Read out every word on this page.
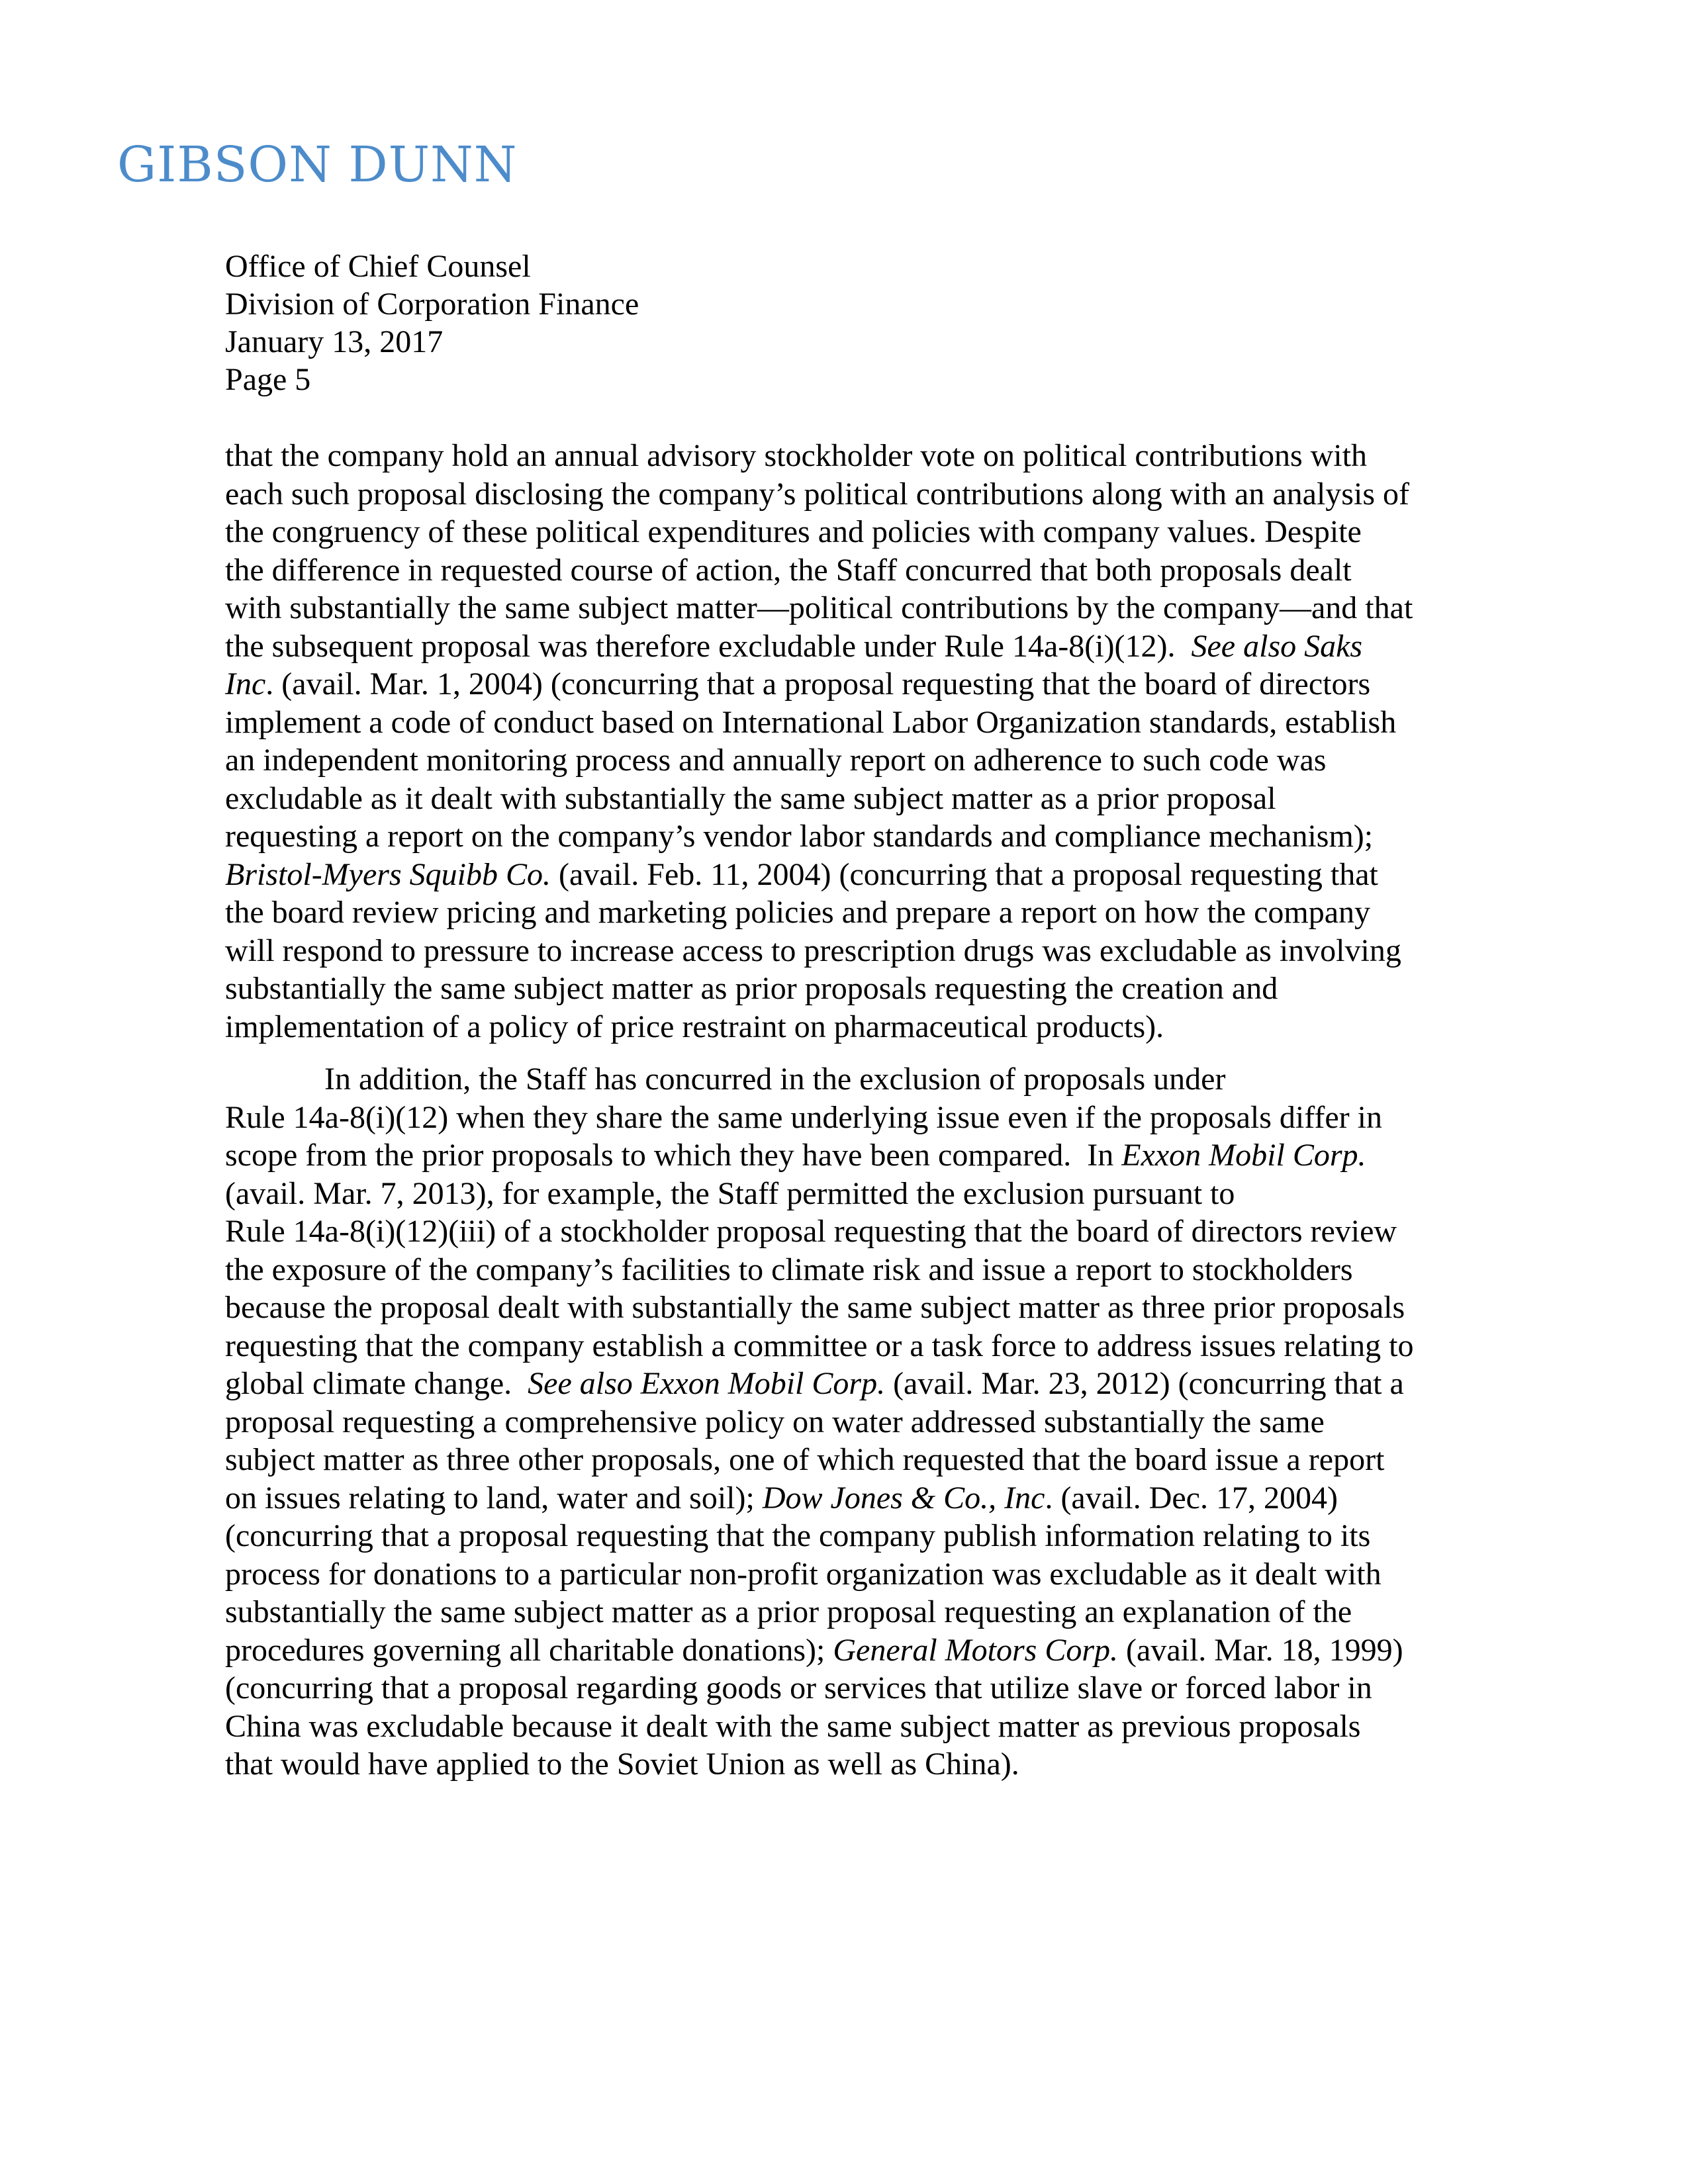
GIBSON DUNN
Office of Chief Counsel
Division of Corporation Finance
January 13, 2017
Page 5

that the company hold an annual advisory stockholder vote on political contributions with
each such proposal disclosing the company’s political contributions along with an analysis of
the congruency of these political expenditures and policies with company values. Despite
the difference in requested course of action, the Staff concurred that both proposals dealt
with substantially the same subject matter—political contributions by the company—and that
the subsequent proposal was therefore excludable under Rule 14a-8(i)(12).  See also Saks
Inc. (avail. Mar. 1, 2004) (concurring that a proposal requesting that the board of directors
implement a code of conduct based on International Labor Organization standards, establish
an independent monitoring process and annually report on adherence to such code was
excludable as it dealt with substantially the same subject matter as a prior proposal
requesting a report on the company’s vendor labor standards and compliance mechanism);
Bristol-Myers Squibb Co. (avail. Feb. 11, 2004) (concurring that a proposal requesting that
the board review pricing and marketing policies and prepare a report on how the company
will respond to pressure to increase access to prescription drugs was excludable as involving
substantially the same subject matter as prior proposals requesting the creation and
implementation of a policy of price restraint on pharmaceutical products).

In addition, the Staff has concurred in the exclusion of proposals under
Rule 14a-8(i)(12) when they share the same underlying issue even if the proposals differ in
scope from the prior proposals to which they have been compared.  In Exxon Mobil Corp.
(avail. Mar. 7, 2013), for example, the Staff permitted the exclusion pursuant to
Rule 14a-8(i)(12)(iii) of a stockholder proposal requesting that the board of directors review
the exposure of the company’s facilities to climate risk and issue a report to stockholders
because the proposal dealt with substantially the same subject matter as three prior proposals
requesting that the company establish a committee or a task force to address issues relating to
global climate change.  See also Exxon Mobil Corp. (avail. Mar. 23, 2012) (concurring that a
proposal requesting a comprehensive policy on water addressed substantially the same
subject matter as three other proposals, one of which requested that the board issue a report
on issues relating to land, water and soil); Dow Jones & Co., Inc. (avail. Dec. 17, 2004)
(concurring that a proposal requesting that the company publish information relating to its
process for donations to a particular non-profit organization was excludable as it dealt with
substantially the same subject matter as a prior proposal requesting an explanation of the
procedures governing all charitable donations); General Motors Corp. (avail. Mar. 18, 1999)
(concurring that a proposal regarding goods or services that utilize slave or forced labor in
China was excludable because it dealt with the same subject matter as previous proposals
that would have applied to the Soviet Union as well as China).
